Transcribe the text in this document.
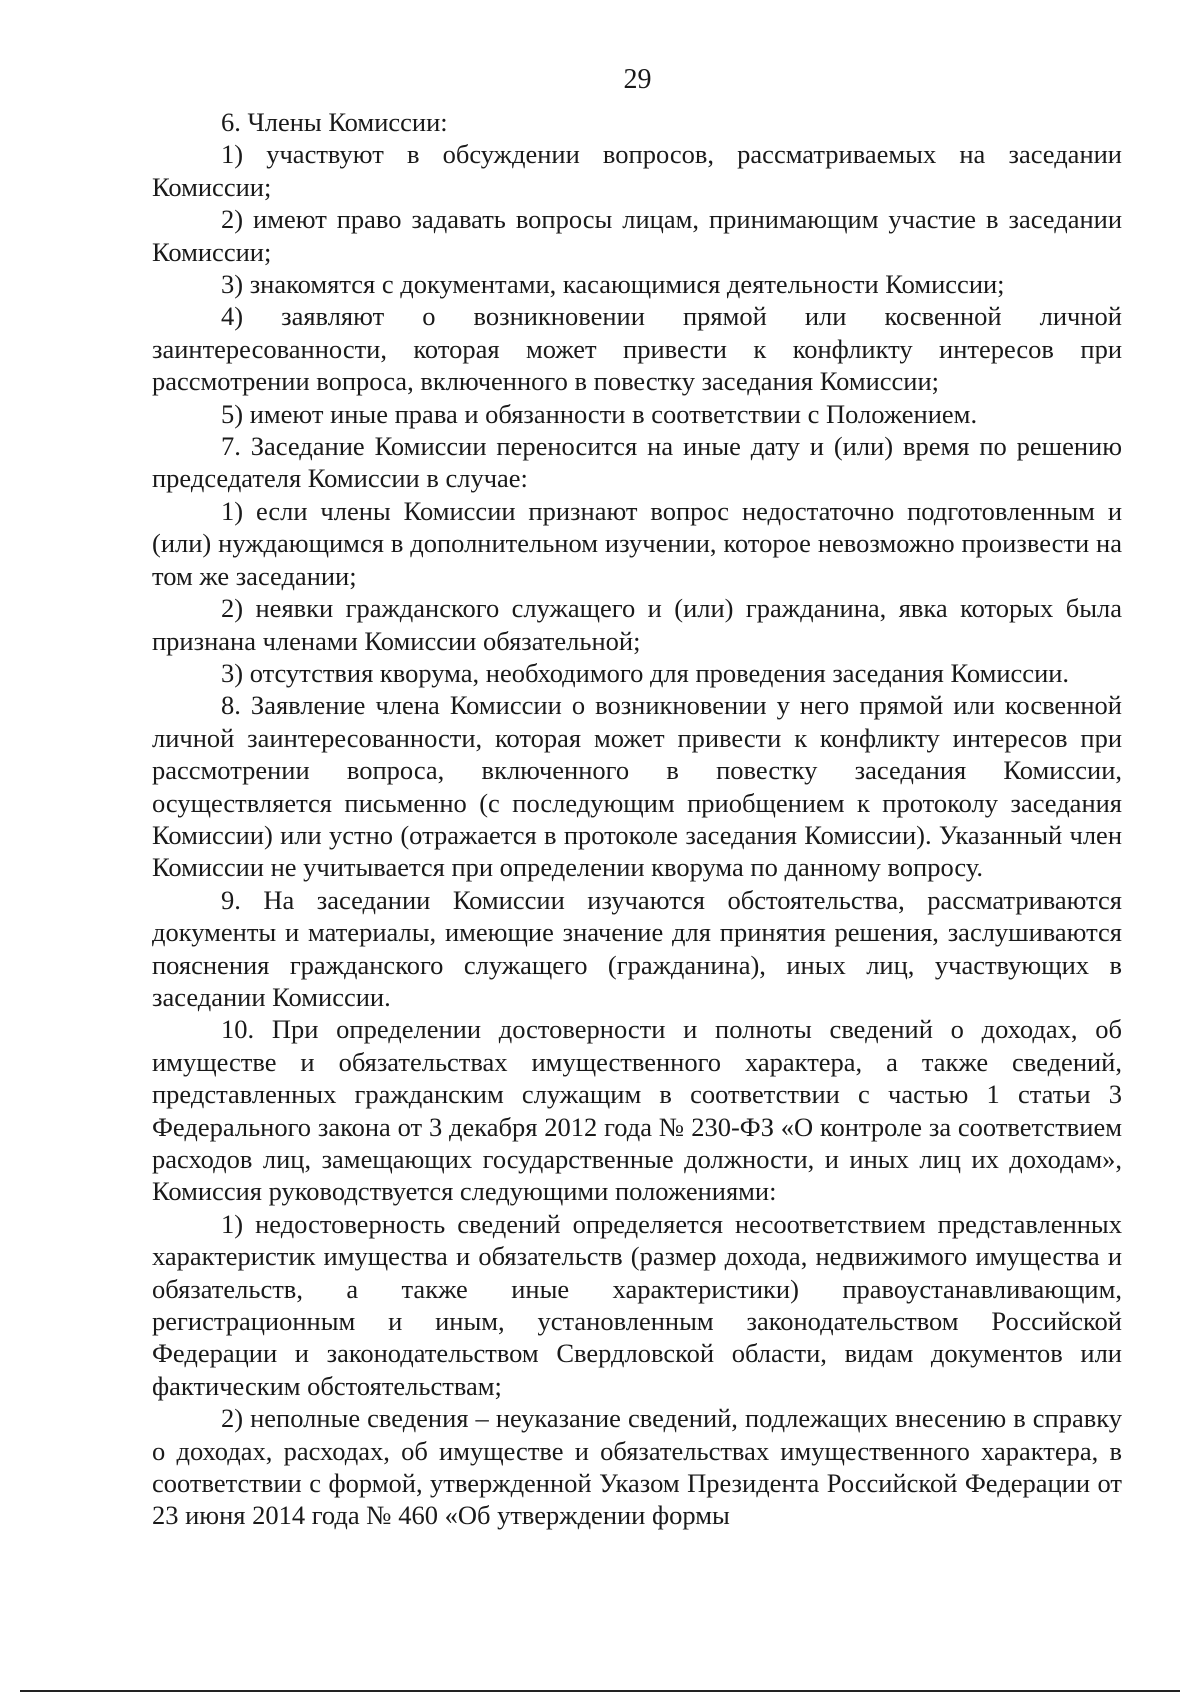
29

6. Члены Комиссии:

1) участвуют в обсуждении вопросов, рассматриваемых на заседании Комиссии;

2) имеют право задавать вопросы лицам, принимающим участие в заседании Комиссии;

3) знакомятся с документами, касающимися деятельности Комиссии;

4) заявляют о возникновении прямой или косвенной личной заинтересованности, которая может привести к конфликту интересов при рассмотрении вопроса, включенного в повестку заседания Комиссии;

5) имеют иные права и обязанности в соответствии с Положением.

7. Заседание Комиссии переносится на иные дату и (или) время по решению председателя Комиссии в случае:

1) если члены Комиссии признают вопрос недостаточно подготовленным и (или) нуждающимся в дополнительном изучении, которое невозможно произвести на том же заседании;

2) неявки гражданского служащего и (или) гражданина, явка которых была признана членами Комиссии обязательной;

3) отсутствия кворума, необходимого для проведения заседания Комиссии.

8. Заявление члена Комиссии о возникновении у него прямой или косвенной личной заинтересованности, которая может привести к конфликту интересов при рассмотрении вопроса, включенного в повестку заседания Комиссии, осуществляется письменно (с последующим приобщением к протоколу заседания Комиссии) или устно (отражается в протоколе заседания Комиссии). Указанный член Комиссии не учитывается при определении кворума по данному вопросу.

9. На заседании Комиссии изучаются обстоятельства, рассматриваются документы и материалы, имеющие значение для принятия решения, заслушиваются пояснения гражданского служащего (гражданина), иных лиц, участвующих в заседании Комиссии.

10. При определении достоверности и полноты сведений о доходах, об имуществе и обязательствах имущественного характера, а также сведений, представленных гражданским служащим в соответствии с частью 1 статьи 3 Федерального закона от 3 декабря 2012 года № 230-ФЗ «О контроле за соответствием расходов лиц, замещающих государственные должности, и иных лиц их доходам», Комиссия руководствуется следующими положениями:

1) недостоверность сведений определяется несоответствием представленных характеристик имущества и обязательств (размер дохода, недвижимого имущества и обязательств, а также иные характеристики) правоустанавливающим, регистрационным и иным, установленным законодательством Российской Федерации и законодательством Свердловской области, видам документов или фактическим обстоятельствам;

2) неполные сведения – неуказание сведений, подлежащих внесению в справку о доходах, расходах, об имуществе и обязательствах имущественного характера, в соответствии с формой, утвержденной Указом Президента Российской Федерации от 23 июня 2014 года № 460 «Об утверждении формы
